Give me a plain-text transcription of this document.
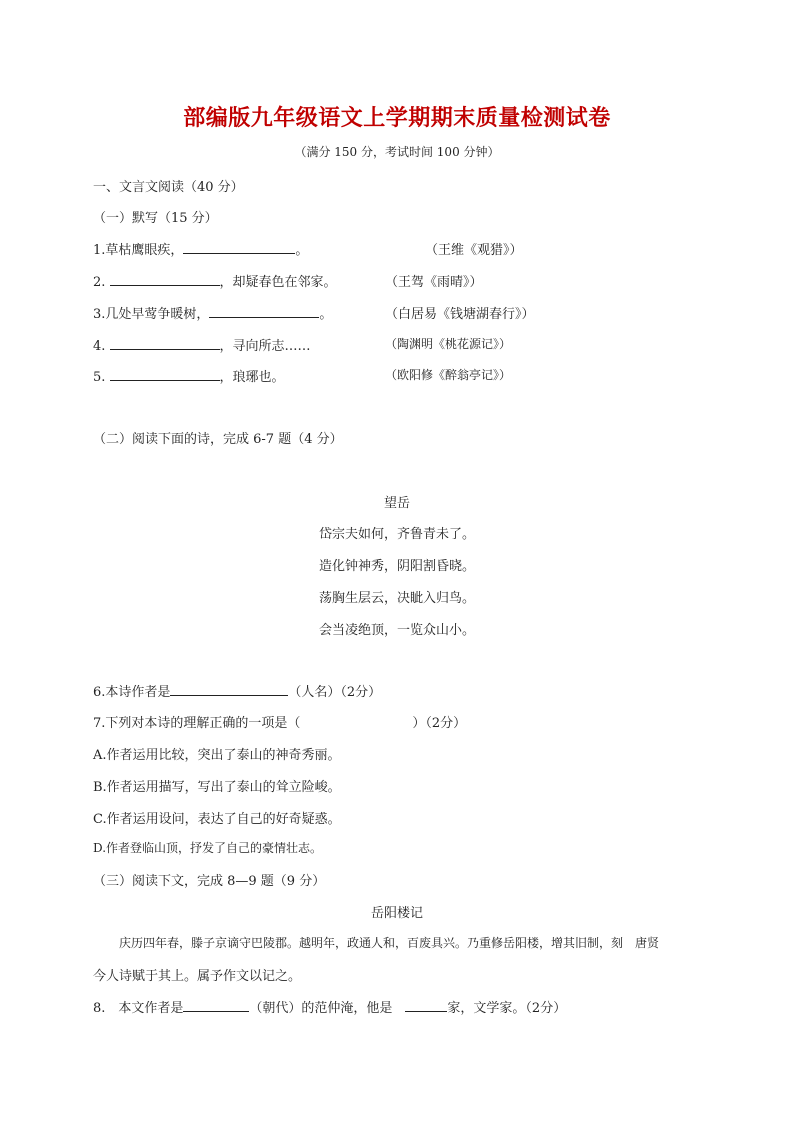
部编版九年级语文上学期期末质量检测试卷
（满分 150 分，考试时间 100 分钟）
一、文言文阅读（40 分）
（一）默写（15 分）
1.草枯鹰眼疾，	。	（王维《观猎》）
2.	，却疑春色在邻家。	（王驾《雨晴》）
3.几处早莺争暖树，	。	（白居易《钱塘湖春行》）
4.	，寻向所志……	（陶渊明《桃花源记》）
5.	，琅琊也。	（欧阳修《醉翁亭记》）
（二）阅读下面的诗，完成 6-7 题（4 分）
望岳
岱宗夫如何，齐鲁青未了。
造化钟神秀，阴阳割昏晓。
荡胸生层云，决眦入归鸟。
会当凌绝顶，一览众山小。
6.本诗作者是	（人名）（2分）
7.下列对本诗的理解正确的一项是（	）（2分）
A.作者运用比较，突出了泰山的神奇秀丽。
B.作者运用描写，写出了泰山的耸立险峻。
C.作者运用设问，表达了自己的好奇疑惑。
D.作者登临山顶，抒发了自己的豪情壮志。
（三）阅读下文，完成 8—9 题（9 分）
岳阳楼记
庆历四年春，滕子京谪守巴陵郡。越明年，政通人和，百废具兴。乃重修岳阳楼，增其旧制，刻　唐贤
今人诗赋于其上。属予作文以记之。
8.　本文作者是	（朝代）的范仲淹，他是　	家，文学家。（2分）
